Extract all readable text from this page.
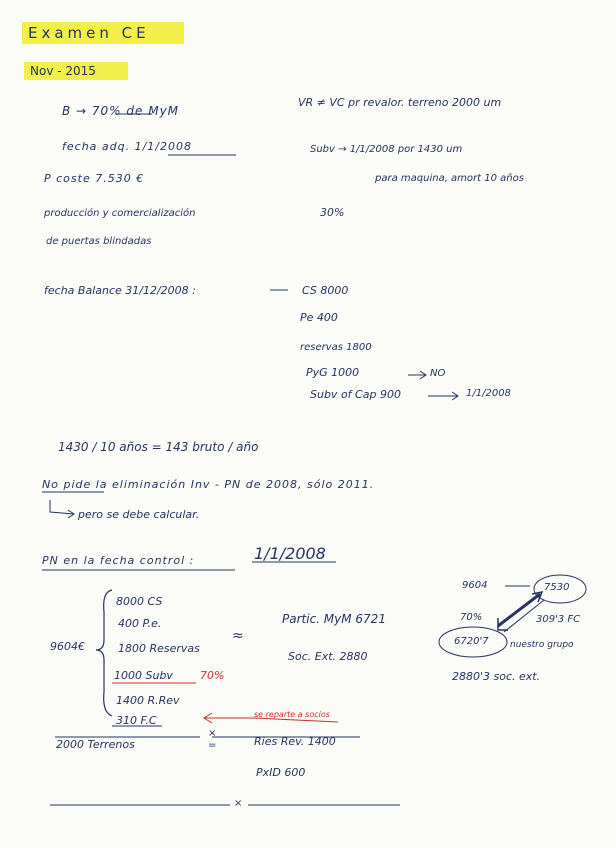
Examen CE
Nov - 2015
B → 70% de MyM
VR ≠ VC pr revalor. terreno 2000 um
fecha adq. 1/1/2008	Subv → 1/1/2008 por 1430 um
P coste 7.530 €	para maquina, amort 10 años
producción y comercialización	30%
de puertas blindadas
fecha Balance 31/12/2008 :	CS 8000
Pe 400
reservas 1800
PyG 1000	NO
Subv of Cap 900	1/1/2008
1430 / 10 años = 143 bruto / año
No pide la eliminación Inv - PN de 2008, sólo 2011.
pero se debe calcular.
PN en la fecha control :	1/1/2008
9604€
8000 CS
400 P.e.
1800 Reservas
1000 Subv 70%
1400 R.Rev
310 F.C	se reparte a socios
≈
Partic. MyM 6721
Soc. Ext. 2880
9604	7530
70%	309'3 FC
6720'7 nuestro grupo
2880'3 soc. ext.
2000 Terrenos
×
=	Ries Rev. 1400
PxID 600
×
